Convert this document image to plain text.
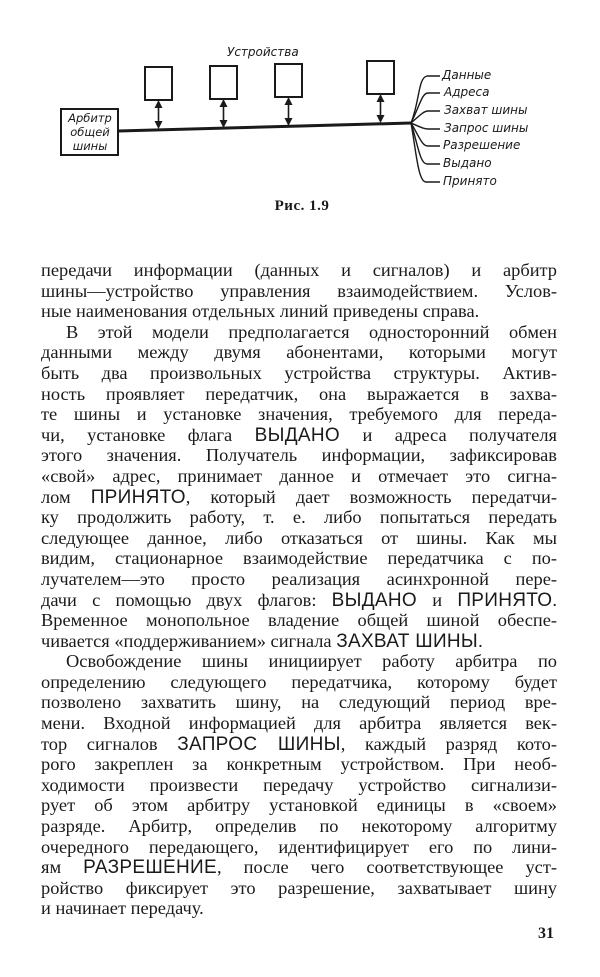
Устройства
Арбитр
общей
шины
Данные
Адреса
Захват шины
Запрос шины
Разрешение
Выдано
Принято
Рис. 1.9

передачи информации (данных и сигналов) и арбитр
шины—устройство управления взаимодействием. Услов-
ные наименования отдельных линий приведены справа.

В этой модели предполагается односторонний обмен
данными между двумя абонентами, которыми могут
быть два произвольных устройства структуры. Актив-
ность проявляет передатчик, она выражается в захва-
те шины и установке значения, требуемого для переда-
чи, установке флага ВЫДАНО и адреса получателя
этого значения. Получатель информации, зафиксировав
«свой» адрес, принимает данное и отмечает это сигна-
лом ПРИНЯТО, который дает возможность передатчи-
ку продолжить работу, т. е. либо попытаться передать
следующее данное, либо отказаться от шины. Как мы
видим, стационарное взаимодействие передатчика с по-
лучателем—это просто реализация асинхронной пере-
дачи с помощью двух флагов: ВЫДАНО и ПРИНЯТО.
Временное монопольное владение общей шиной обеспе-
чивается «поддерживанием» сигнала ЗАХВАТ ШИНЫ.

Освобождение шины инициирует работу арбитра по
определению следующего передатчика, которому будет
позволено захватить шину, на следующий период вре-
мени. Входной информацией для арбитра является век-
тор сигналов ЗАПРОС ШИНЫ, каждый разряд кото-
рого закреплен за конкретным устройством. При необ-
ходимости произвести передачу устройство сигнализи-
рует об этом арбитру установкой единицы в «своем»
разряде. Арбитр, определив по некоторому алгоритму
очередного передающего, идентифицирует его по лини-
ям РАЗРЕШЕНИЕ, после чего соответствующее уст-
ройство фиксирует это разрешение, захватывает шину
и начинает передачу.

31
